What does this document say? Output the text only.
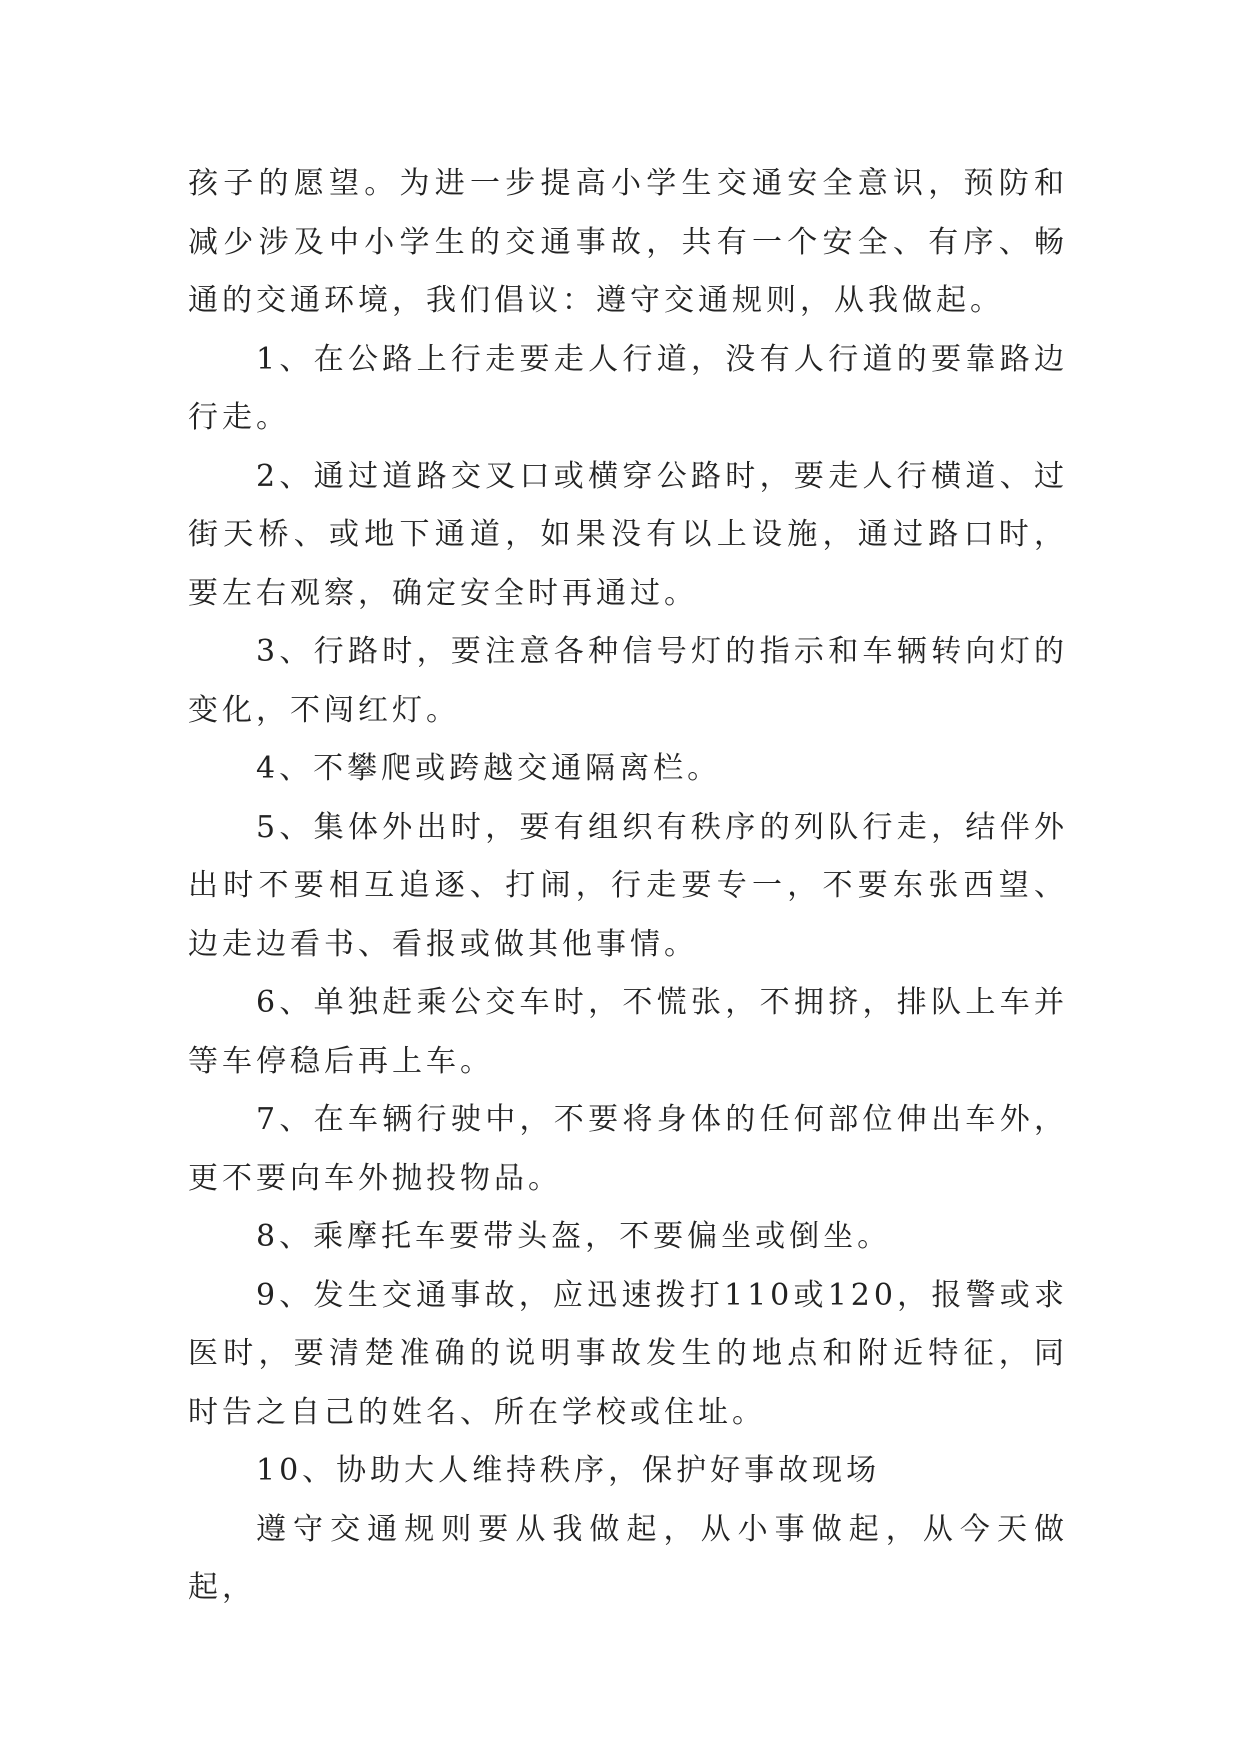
孩子的愿望。为进一步提高小学生交通安全意识，预防和减少涉及中小学生的交通事故，共有一个安全、有序、畅通的交通环境，我们倡议：遵守交通规则，从我做起。

1、在公路上行走要走人行道，没有人行道的要靠路边行走。

2、通过道路交叉口或横穿公路时，要走人行横道、过街天桥、或地下通道，如果没有以上设施，通过路口时，要左右观察，确定安全时再通过。

3、行路时，要注意各种信号灯的指示和车辆转向灯的变化，不闯红灯。

4、不攀爬或跨越交通隔离栏。

5、集体外出时，要有组织有秩序的列队行走，结伴外出时不要相互追逐、打闹，行走要专一，不要东张西望、边走边看书、看报或做其他事情。

6、单独赶乘公交车时，不慌张，不拥挤，排队上车并等车停稳后再上车。

7、在车辆行驶中，不要将身体的任何部位伸出车外，更不要向车外抛投物品。

8、乘摩托车要带头盔，不要偏坐或倒坐。

9、发生交通事故，应迅速拨打110或120，报警或求医时，要清楚准确的说明事故发生的地点和附近特征，同时告之自己的姓名、所在学校或住址。

10、协助大人维持秩序，保护好事故现场

遵守交通规则要从我做起，从小事做起，从今天做起，
